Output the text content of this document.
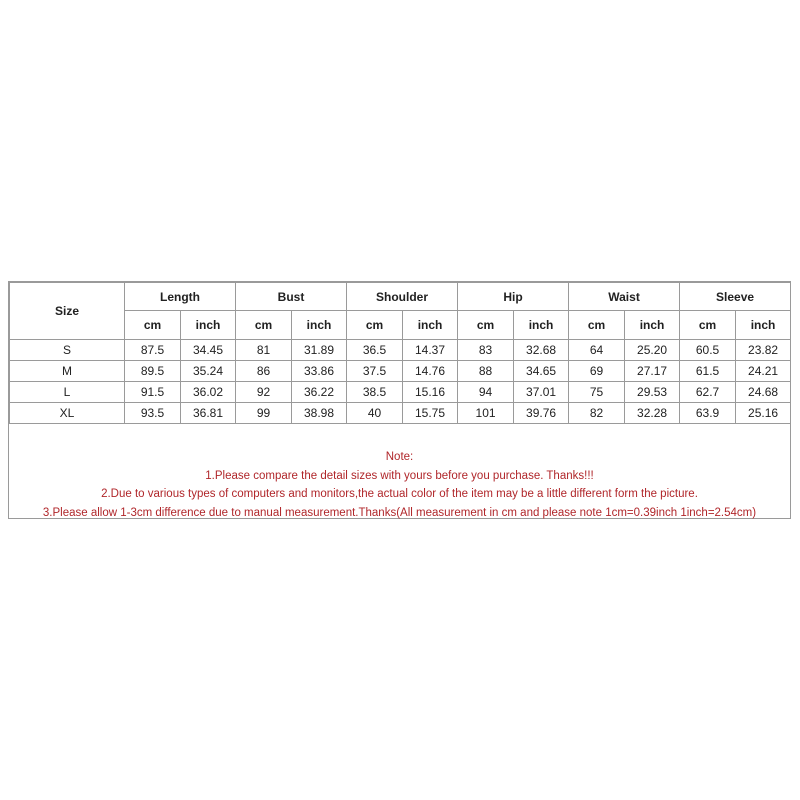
Size	Length		Bust		Shoulder		Hip		Waist		Sleeve	
	cm	inch	cm	inch	cm	inch	cm	inch	cm	inch	cm	inch
S	87.5	34.45	81	31.89	36.5	14.37	83	32.68	64	25.20	60.5	23.82
M	89.5	35.24	86	33.86	37.5	14.76	88	34.65	69	27.17	61.5	24.21
L	91.5	36.02	92	36.22	38.5	15.16	94	37.01	75	29.53	62.7	24.68
XL	93.5	36.81	99	38.98	40	15.75	101	39.76	82	32.28	63.9	25.16
Note:
1.Please compare the detail sizes with yours before you purchase. Thanks!!!
2.Due to various types of computers and monitors,the actual color of the item may be a little different form the picture.
3.Please allow 1-3cm difference due to manual measurement.Thanks(All measurement in cm and please note 1cm=0.39inch 1inch=2.54cm)
